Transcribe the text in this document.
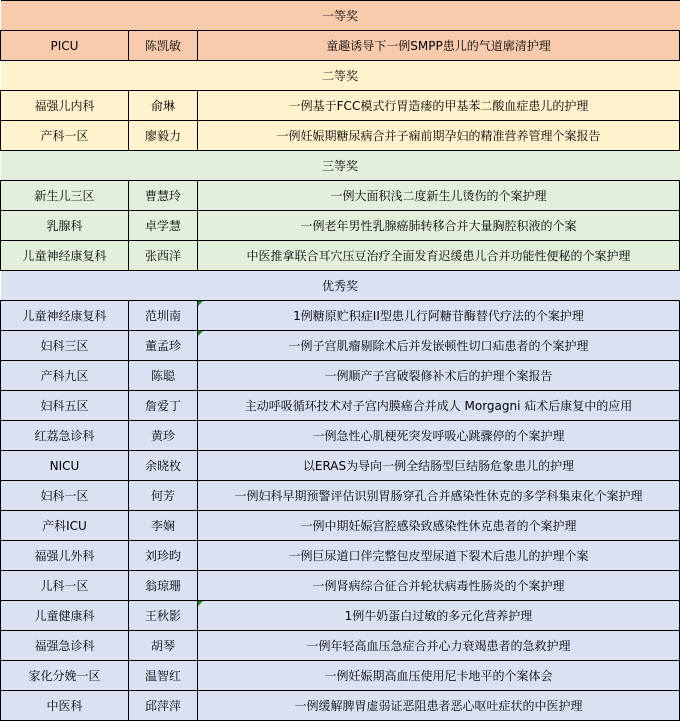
一等奖		
PICU	陈凯敏	童趣诱导下一例SMPP患儿的气道廓清护理
二等奖		
福强儿内科	俞琳	一例基于FCC模式行胃造瘘的甲基苯二酸血症患儿的护理
产科一区	廖毅力	一例妊娠期糖尿病合并子痫前期孕妇的精准营养管理个案报告
三等奖		
新生儿三区	曹慧玲	一例大面积浅二度新生儿烫伤的个案护理
乳腺科	卓学慧	一例老年男性乳腺癌肺转移合并大量胸腔积液的个案
儿童神经康复科	张西洋	中医推拿联合耳穴压豆治疗全面发育迟缓患儿合并功能性便秘的个案护理
优秀奖		
儿童神经康复科	范圳南	1例糖原贮积症II型患儿行阿糖苷酶替代疗法的个案护理

妇科三区	董孟珍	一例子宫肌瘤剔除术后并发嵌顿性切口疝患者的个案护理

产科九区	陈聪	一例顺产子宫破裂修补术后的护理个案报告
妇科五区	詹爱丁	主动呼吸循环技术对子宫内膜癌合并成人 Morgagni 疝术后康复中的应用
红荔急诊科	黄珍	一例急性心肌梗死突发呼吸心跳骤停的个案护理
NICU	余晓枚	以ERAS为导向一例全结肠型巨结肠危象患儿的护理
妇科一区	何芳	一例妇科早期预警评估识别胃肠穿孔合并感染性休克的多学科集束化个案护理
产科ICU	李娴	一例中期妊娠宫腔感染致感染性休克患者的个案护理
福强儿外科	刘珍昀	一例巨尿道口伴完整包皮型尿道下裂术后患儿的护理个案
儿科一区	翁琼珊	一例肾病综合征合并轮状病毒性肠炎的个案护理
儿童健康科	王秋影	1例牛奶蛋白过敏的多元化营养护理

福强急诊科	胡琴	一例年轻高血压急症合并心力衰竭患者的急救护理
家化分娩一区	温智红	一例妊娠期高血压使用尼卡地平的个案体会
中医科	邱萍萍	一例缓解脾胃虚弱证恶阻患者恶心呕吐症状的中医护理
